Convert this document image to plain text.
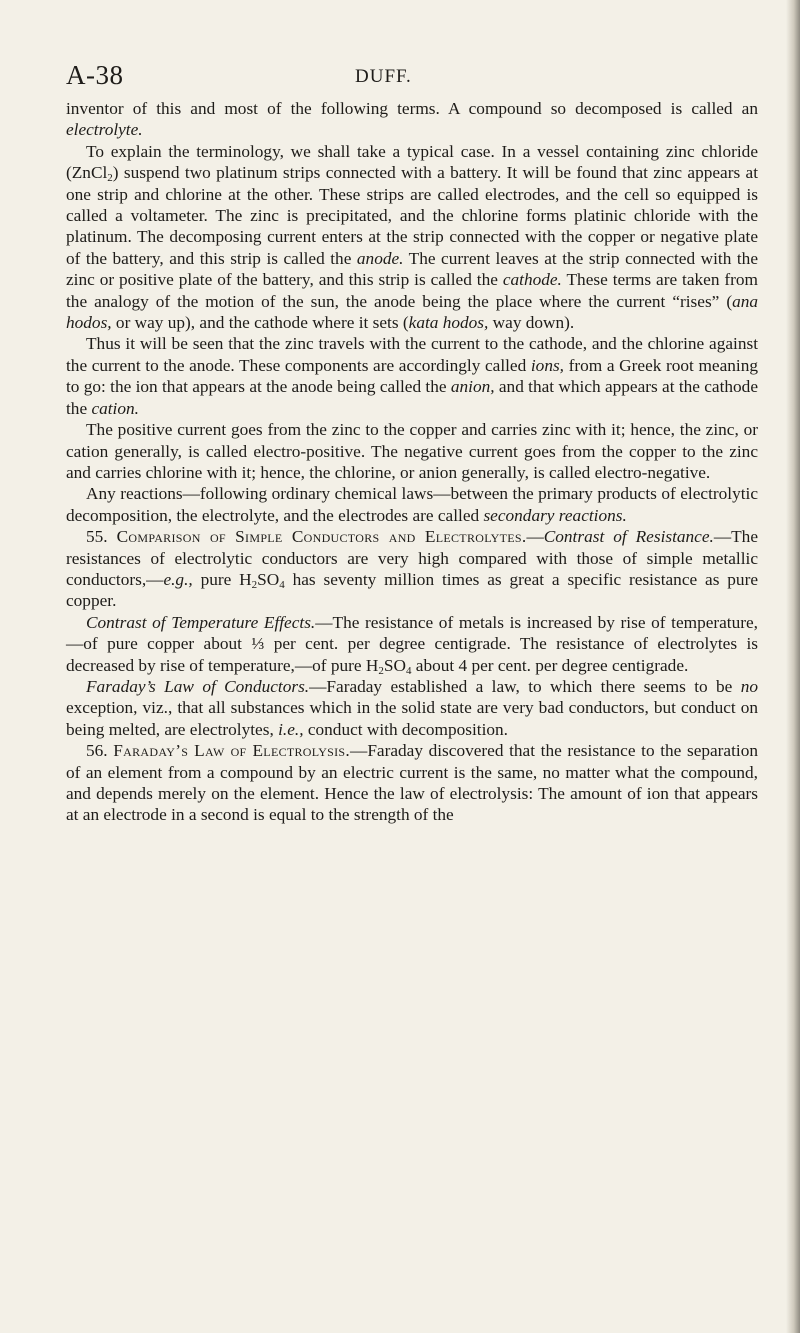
A-38	DUFF.

inventor of this and most of the following terms. A compound so decomposed is called an electrolyte.

To explain the terminology, we shall take a typical case. In a vessel containing zinc chloride (ZnCl$_2$) suspend two platinum strips connected with a battery. It will be found that zinc appears at one strip and chlorine at the other. These strips are called electrodes, and the cell so equipped is called a voltameter. The zinc is precipitated, and the chlorine forms platinic chloride with the platinum. The decomposing current enters at the strip connected with the copper or negative plate of the battery, and this strip is called the anode. The current leaves at the strip connected with the zinc or positive plate of the battery, and this strip is called the cathode. These terms are taken from the analogy of the motion of the sun, the anode being the place where the current “rises” (ana hodos, or way up), and the cathode where it sets (kata hodos, way down).

Thus it will be seen that the zinc travels with the current to the cathode, and the chlorine against the current to the anode. These components are accordingly called ions, from a Greek root meaning to go: the ion that appears at the anode being called the anion, and that which appears at the cathode the cation.

The positive current goes from the zinc to the copper and carries zinc with it; hence, the zinc, or cation generally, is called electro-positive. The negative current goes from the copper to the zinc and carries chlorine with it; hence, the chlorine, or anion generally, is called electro-negative.

Any reactions—following ordinary chemical laws—between the primary products of electrolytic decomposition, the electrolyte, and the electrodes are called secondary reactions.

55. Comparison of Simple Conductors and Electrolytes.—Contrast of Resistance.—The resistances of electrolytic conductors are very high compared with those of simple metallic conductors,—e.g., pure $H_2SO_4$ has seventy million times as great a specific resistance as pure copper.

Contrast of Temperature Effects.—The resistance of metals is increased by rise of temperature,—of pure copper about ⅓ per cent. per degree centigrade. The resistance of electrolytes is decreased by rise of temperature,—of pure $H_2SO_4$ about 4 per cent. per degree centigrade.

Faraday’s Law of Conductors.—Faraday established a law, to which there seems to be no exception, viz., that all substances which in the solid state are very bad conductors, but conduct on being melted, are electrolytes, i.e., conduct with decomposition.

56. Faraday’s Law of Electrolysis.—Faraday discovered that the resistance to the separation of an element from a compound by an electric current is the same, no matter what the compound, and depends merely on the element. Hence the law of electrolysis: The amount of ion that appears at an electrode in a second is equal to the strength of the
